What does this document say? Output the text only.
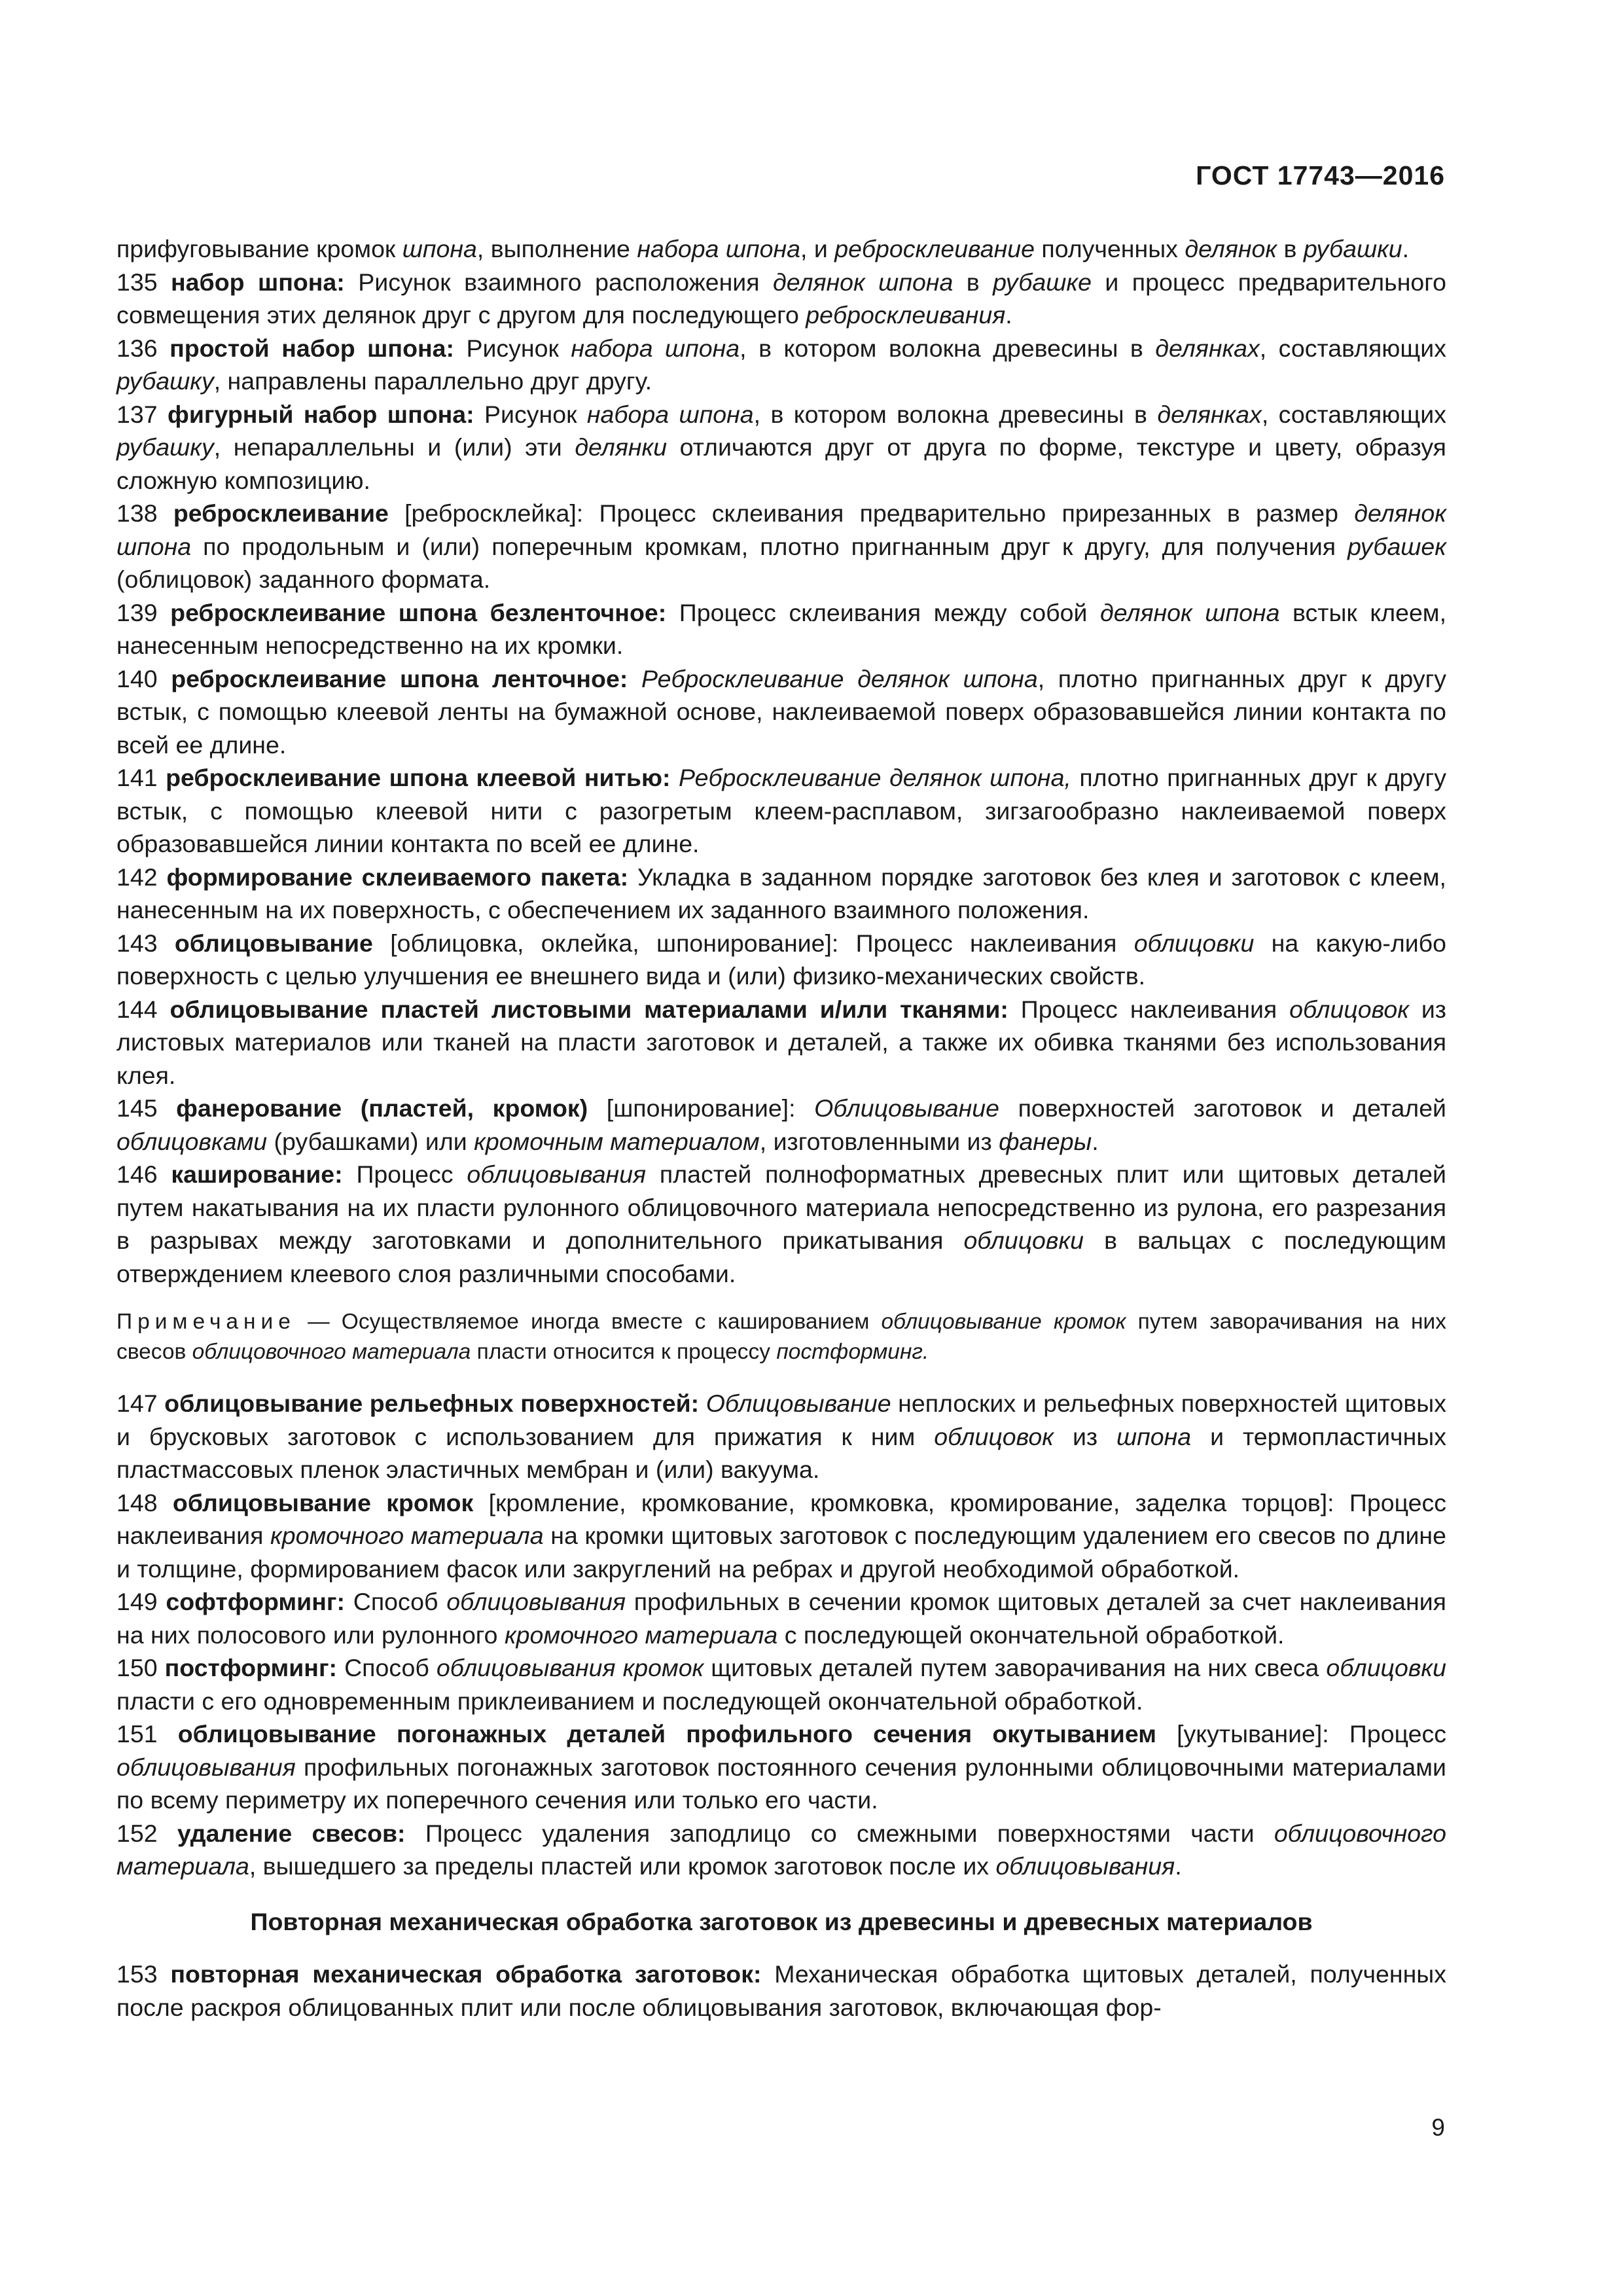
ГОСТ 17743—2016

прифуговывание кромок шпона, выполнение набора шпона, и ребросклеивание полученных делянок в рубашки.

135 набор шпона: Рисунок взаимного расположения делянок шпона в рубашке и процесс предварительного совмещения этих делянок друг с другом для последующего ребросклеивания.

136 простой набор шпона: Рисунок набора шпона, в котором волокна древесины в делянках, составляющих рубашку, направлены параллельно друг другу.

137 фигурный набор шпона: Рисунок набора шпона, в котором волокна древесины в делянках, составляющих рубашку, непараллельны и (или) эти делянки отличаются друг от друга по форме, текстуре и цвету, образуя сложную композицию.

138 ребросклеивание [ребросклейка]: Процесс склеивания предварительно прирезанных в размер делянок шпона по продольным и (или) поперечным кромкам, плотно пригнанным друг к другу, для получения рубашек (облицовок) заданного формата.

139 ребросклеивание шпона безленточное: Процесс склеивания между собой делянок шпона встык клеем, нанесенным непосредственно на их кромки.

140 ребросклеивание шпона ленточное: Ребросклеивание делянок шпона, плотно пригнанных друг к другу встык, с помощью клеевой ленты на бумажной основе, наклеиваемой поверх образовавшейся линии контакта по всей ее длине.

141 ребросклеивание шпона клеевой нитью: Ребросклеивание делянок шпона, плотно пригнанных друг к другу встык, с помощью клеевой нити с разогретым клеем-расплавом, зигзагообразно наклеиваемой поверх образовавшейся линии контакта по всей ее длине.

142 формирование склеиваемого пакета: Укладка в заданном порядке заготовок без клея и заготовок с клеем, нанесенным на их поверхность, с обеспечением их заданного взаимного положения.

143 облицовывание [облицовка, оклейка, шпонирование]: Процесс наклеивания облицовки на какую-либо поверхность с целью улучшения ее внешнего вида и (или) физико-механических свойств.

144 облицовывание пластей листовыми материалами и/или тканями: Процесс наклеивания облицовок из листовых материалов или тканей на пласти заготовок и деталей, а также их обивка тканями без использования клея.

145 фанерование (пластей, кромок) [шпонирование]: Облицовывание поверхностей заготовок и деталей облицовками (рубашками) или кромочным материалом, изготовленными из фанеры.

146 каширование: Процесс облицовывания пластей полноформатных древесных плит или щитовых деталей путем накатывания на их пласти рулонного облицовочного материала непосредственно из рулона, его разрезания в разрывах между заготовками и дополнительного прикатывания облицовки в вальцах с последующим отверждением клеевого слоя различными способами.

Примечание — Осуществляемое иногда вместе с кашированием облицовывание кромок путем заворачивания на них свесов облицовочного материала пласти относится к процессу постформинг.

147 облицовывание рельефных поверхностей: Облицовывание неплоских и рельефных поверхностей щитовых и брусковых заготовок с использованием для прижатия к ним облицовок из шпона и термопластичных пластмассовых пленок эластичных мембран и (или) вакуума.

148 облицовывание кромок [кромление, кромкование, кромковка, кромирование, заделка торцов]: Процесс наклеивания кромочного материала на кромки щитовых заготовок с последующим удалением его свесов по длине и толщине, формированием фасок или закруглений на ребрах и другой необходимой обработкой.

149 софтформинг: Способ облицовывания профильных в сечении кромок щитовых деталей за счет наклеивания на них полосового или рулонного кромочного материала с последующей окончательной обработкой.

150 постформинг: Способ облицовывания кромок щитовых деталей путем заворачивания на них свеса облицовки пласти с его одновременным приклеиванием и последующей окончательной обработкой.

151 облицовывание погонажных деталей профильного сечения окутыванием [укутывание]: Процесс облицовывания профильных погонажных заготовок постоянного сечения рулонными облицовочными материалами по всему периметру их поперечного сечения или только его части.

152 удаление свесов: Процесс удаления заподлицо со смежными поверхностями части облицовочного материала, вышедшего за пределы пластей или кромок заготовок после их облицовывания.

Повторная механическая обработка заготовок из древесины и древесных материалов

153 повторная механическая обработка заготовок: Механическая обработка щитовых деталей, полученных после раскроя облицованных плит или после облицовывания заготовок, включающая фор-

9
